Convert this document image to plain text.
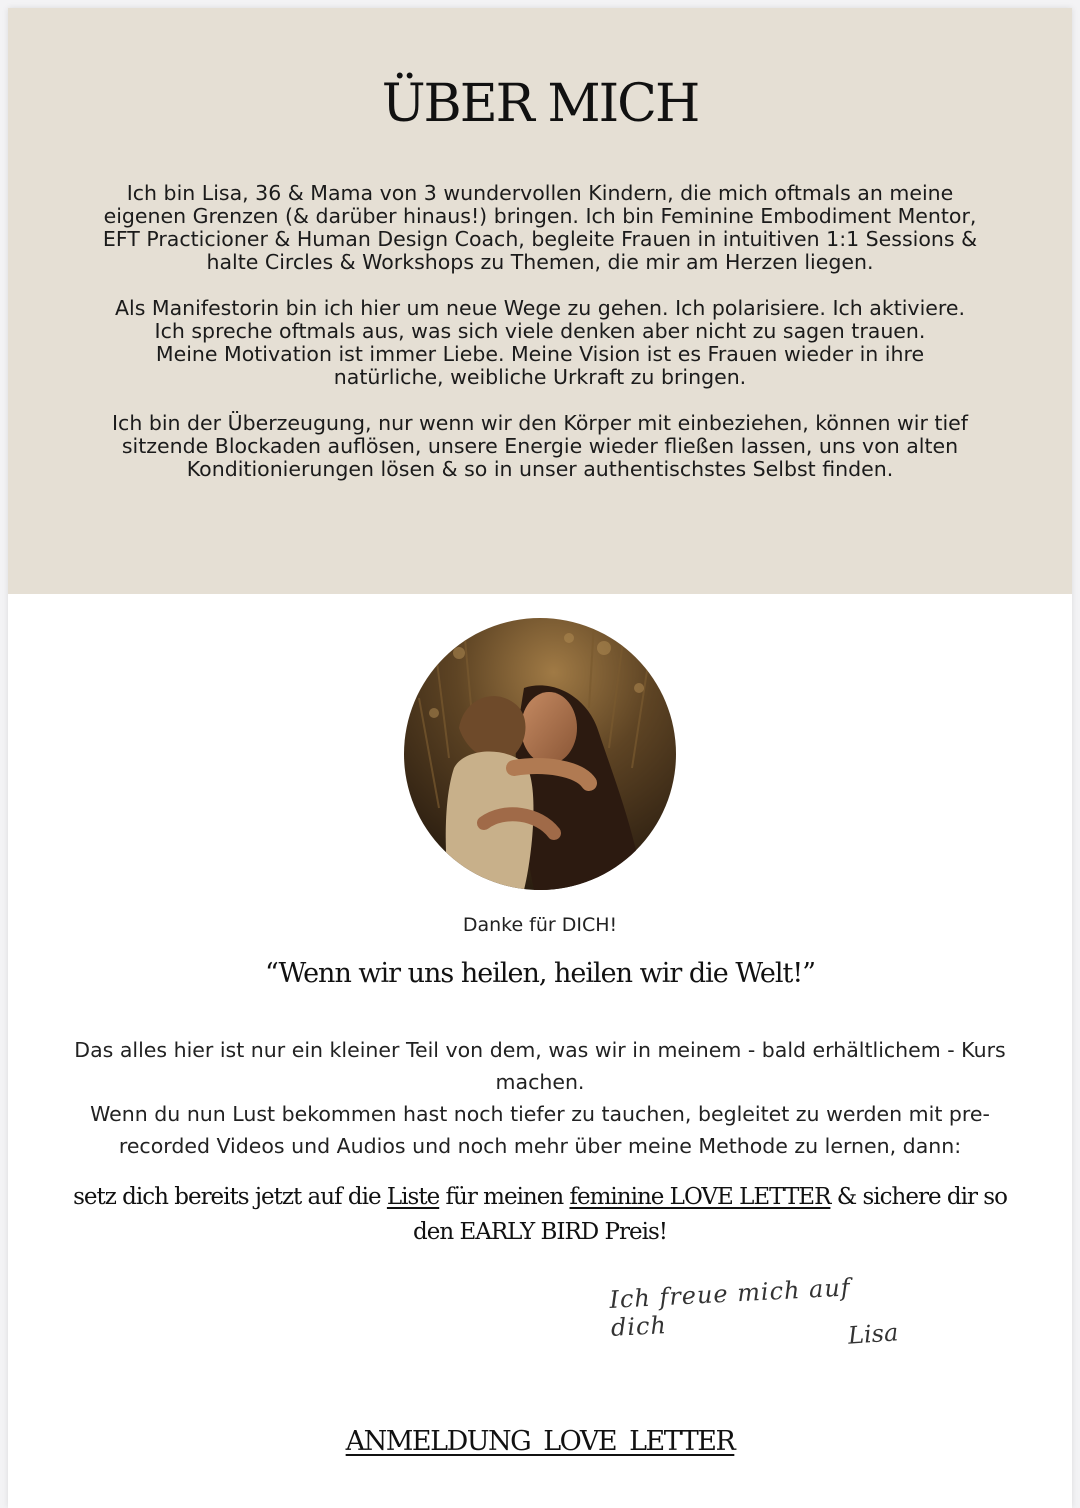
ÜBER MICH

Ich bin Lisa, 36 & Mama von 3 wundervollen Kindern, die mich oftmals an meine eigenen Grenzen (& darüber hinaus!) bringen. Ich bin Feminine Embodiment Mentor, EFT Practicioner & Human Design Coach, begleite Frauen in intuitiven 1:1 Sessions & halte Circles & Workshops zu Themen, die mir am Herzen liegen.

Als Manifestorin bin ich hier um neue Wege zu gehen. Ich polarisiere. Ich aktiviere. Ich spreche oftmals aus, was sich viele denken aber nicht zu sagen trauen.

Meine Motivation ist immer Liebe. Meine Vision ist es Frauen wieder in ihre natürliche, weibliche Urkraft zu bringen.

Ich bin der Überzeugung, nur wenn wir den Körper mit einbeziehen, können wir tief sitzende Blockaden auflösen, unsere Energie wieder fließen lassen, uns von alten Konditionierungen lösen & so in unser authentischstes Selbst finden.

Danke für DICH!
“Wenn wir uns heilen, heilen wir die Welt!”

Das alles hier ist nur ein kleiner Teil von dem, was wir in meinem - bald erhältlichem - Kurs machen.

Wenn du nun Lust bekommen hast noch tiefer zu tauchen, begleitet zu werden mit pre-recorded Videos und Audios und noch mehr über meine Methode zu lernen, dann:

setz dich bereits jetzt auf die Liste für meinen feminine LOVE LETTER & sichere dir so den EARLY BIRD Preis!
Ich freue mich auf dich	Lisa
ANMELDUNG LOVE LETTER
